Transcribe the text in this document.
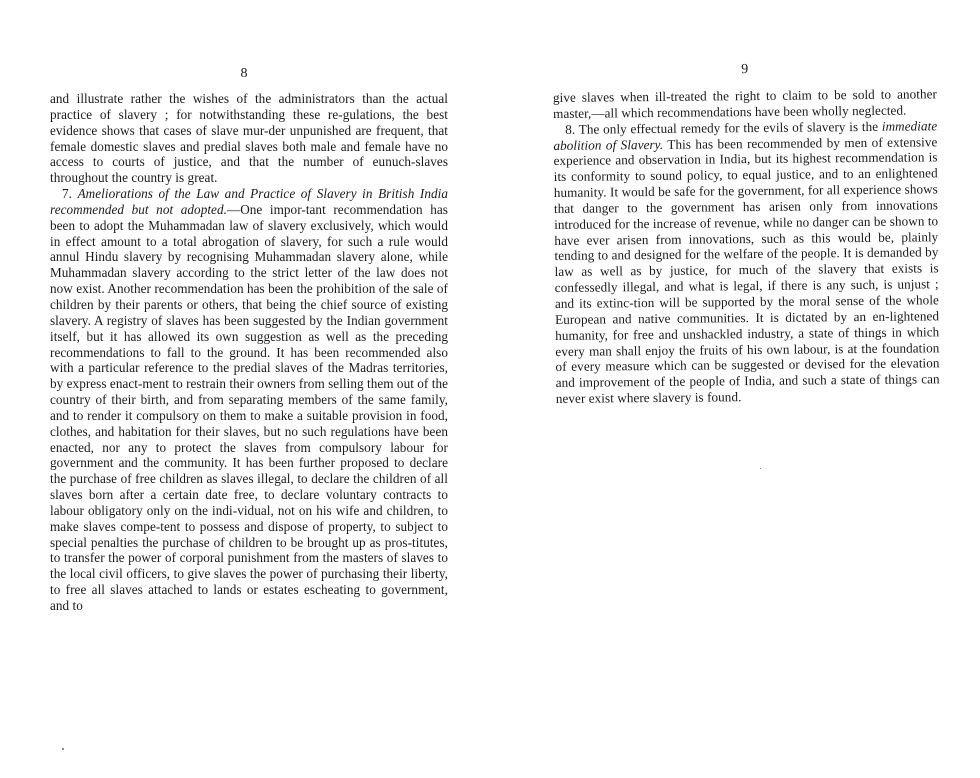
8

and illustrate rather the wishes of the administrators than the actual practice of slavery ; for notwithstanding these re-gulations, the best evidence shows that cases of slave mur-der unpunished are frequent, that female domestic slaves and predial slaves both male and female have no access to courts of justice, and that the number of eunuch-slaves throughout the country is great.

7. Ameliorations of the Law and Practice of Slavery in British India recommended but not adopted.—One impor-tant recommendation has been to adopt the Muhammadan law of slavery exclusively, which would in effect amount to a total abrogation of slavery, for such a rule would annul Hindu slavery by recognising Muhammadan slavery alone, while Muhammadan slavery according to the strict letter of the law does not now exist. Another recommendation has been the prohibition of the sale of children by their parents or others, that being the chief source of existing slavery. A registry of slaves has been suggested by the Indian government itself, but it has allowed its own suggestion as well as the preceding recommendations to fall to the ground. It has been recommended also with a particular reference to the predial slaves of the Madras territories, by express enact-ment to restrain their owners from selling them out of the country of their birth, and from separating members of the same family, and to render it compulsory on them to make a suitable provision in food, clothes, and habitation for their slaves, but no such regulations have been enacted, nor any to protect the slaves from compulsory labour for government and the community. It has been further proposed to declare the purchase of free children as slaves illegal, to declare the children of all slaves born after a certain date free, to declare voluntary contracts to labour obligatory only on the indi-vidual, not on his wife and children, to make slaves compe-tent to possess and dispose of property, to subject to special penalties the purchase of children to be brought up as pros-titutes, to transfer the power of corporal punishment from the masters of slaves to the local civil officers, to give slaves the power of purchasing their liberty, to free all slaves attached to lands or estates escheating to government, and to

9

give slaves when ill-treated the right to claim to be sold to another master,—all which recommendations have been wholly neglected.

8. The only effectual remedy for the evils of slavery is the immediate abolition of Slavery. This has been recommended by men of extensive experience and observation in India, but its highest recommendation is its conformity to sound policy, to equal justice, and to an enlightened humanity. It would be safe for the government, for all experience shows that danger to the government has arisen only from innovations introduced for the increase of revenue, while no danger can be shown to have ever arisen from innovations, such as this would be, plainly tending to and designed for the welfare of the people. It is demanded by law as well as by justice, for much of the slavery that exists is confessedly illegal, and what is legal, if there is any such, is unjust ; and its extinc-tion will be supported by the moral sense of the whole European and native communities. It is dictated by an en-lightened humanity, for free and unshackled industry, a state of things in which every man shall enjoy the fruits of his own labour, is at the foundation of every measure which can be suggested or devised for the elevation and improvement of the people of India, and such a state of things can never exist where slavery is found.
